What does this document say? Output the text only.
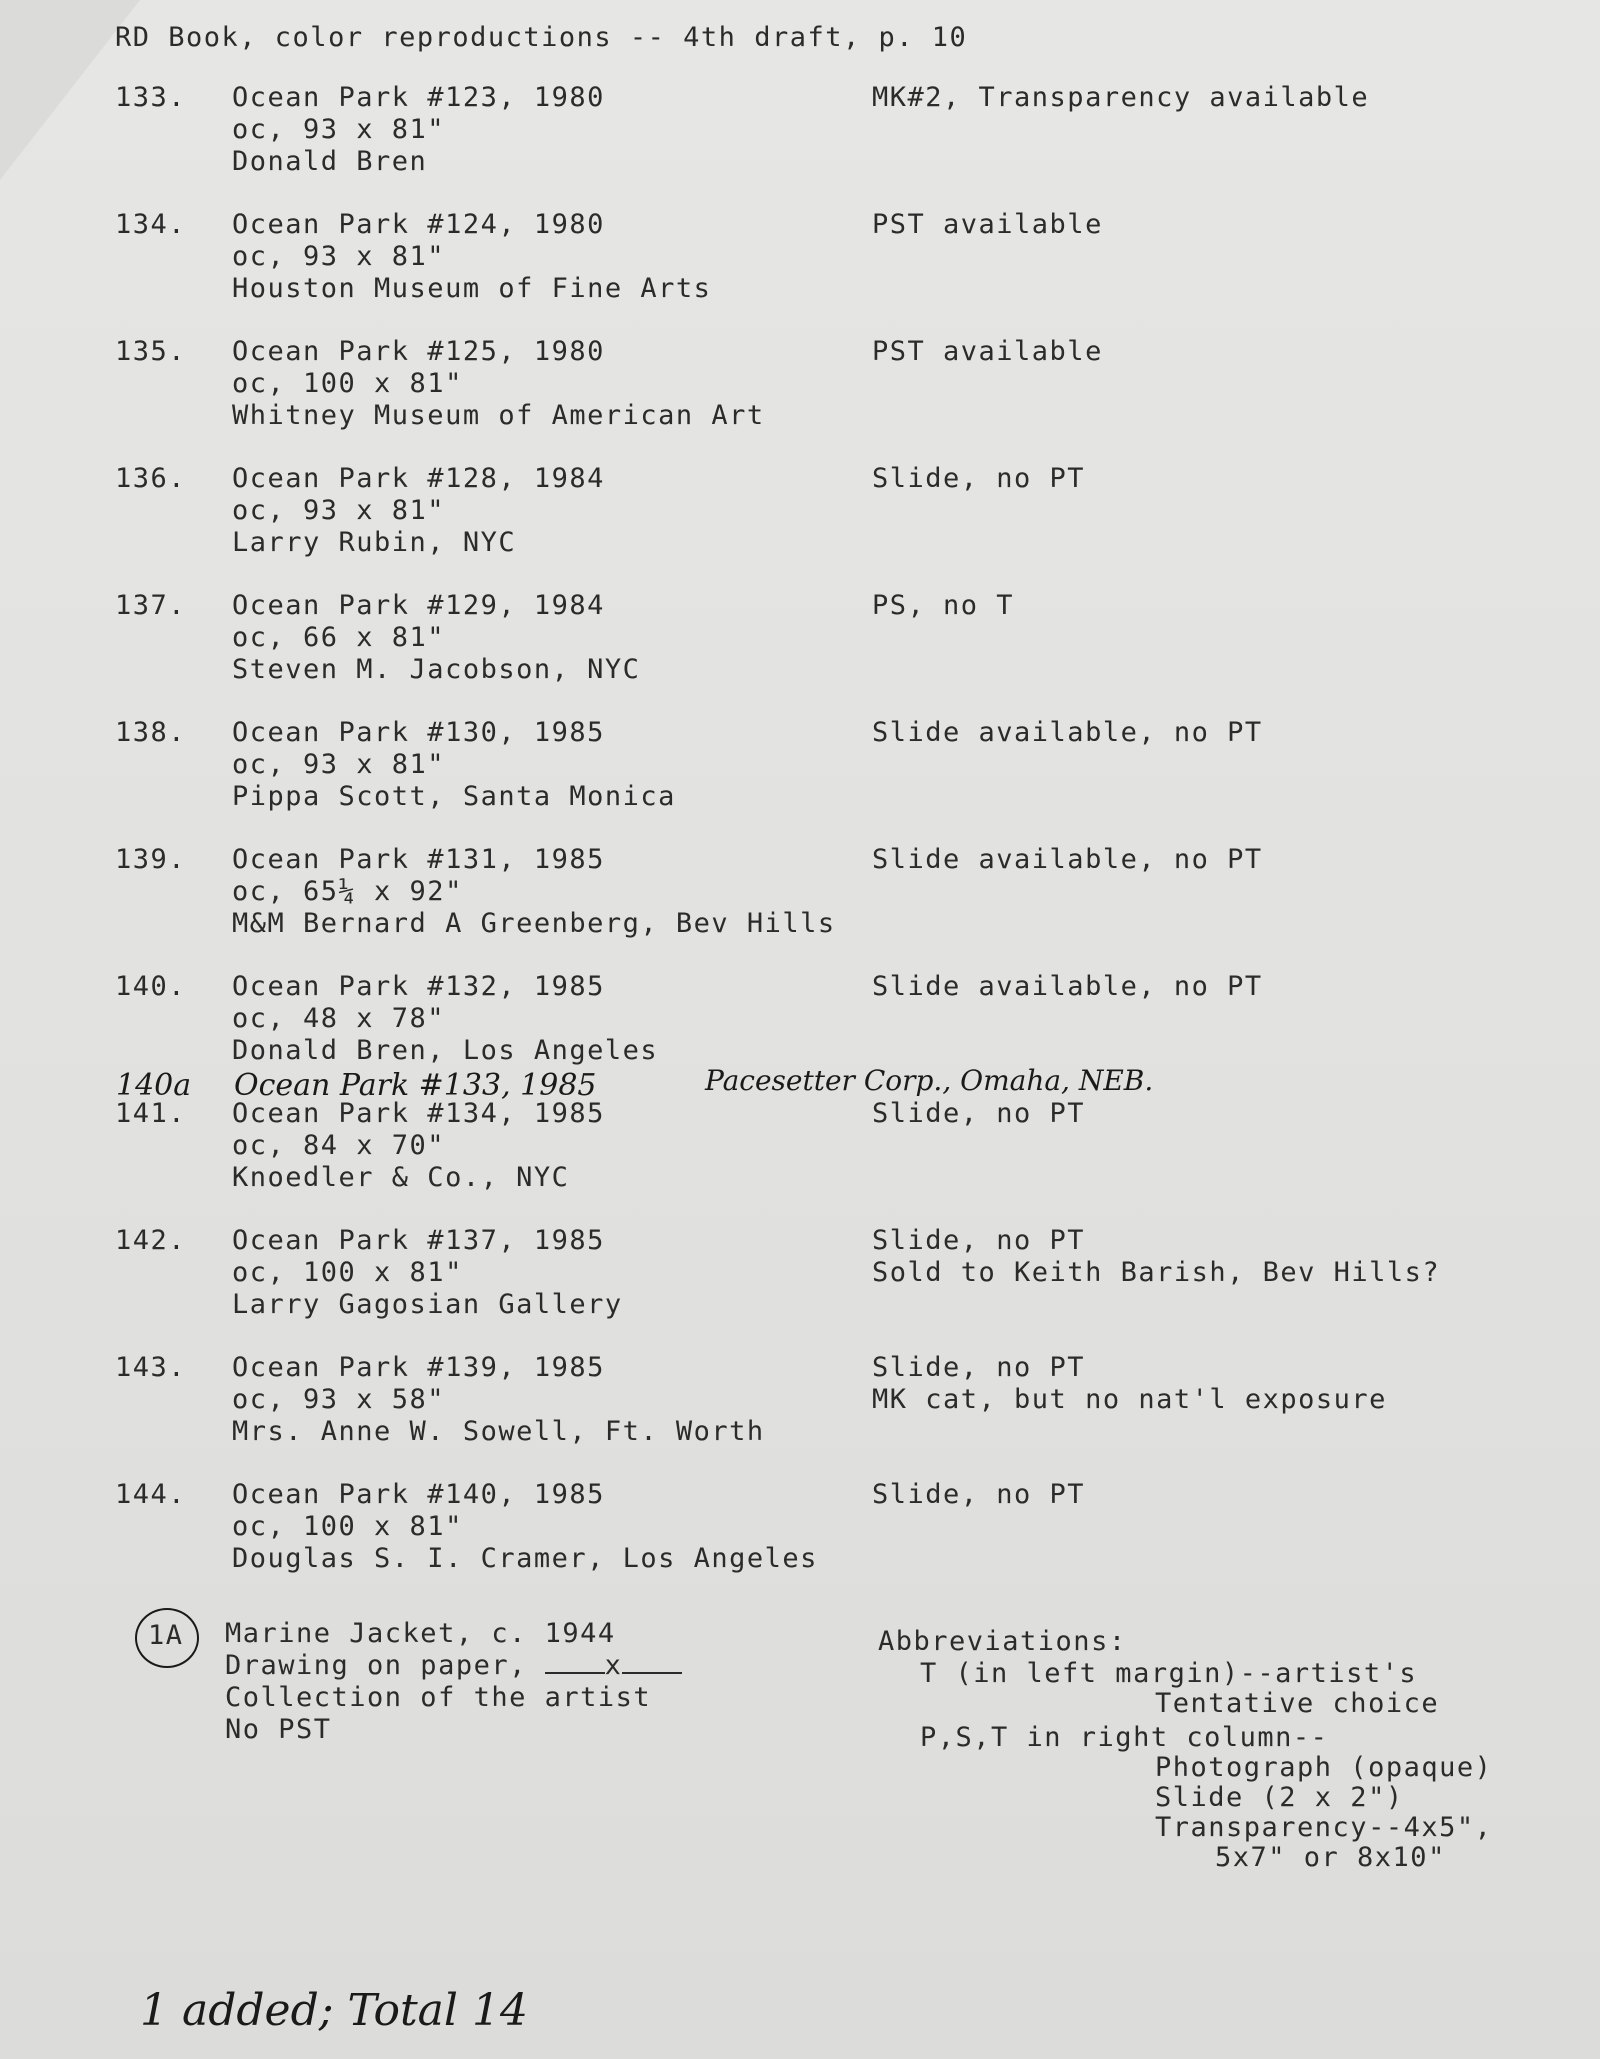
RD Book, color reproductions -- 4th draft, p. 10
133. Ocean Park #123, 1980
oc, 93 x 81"
Donald Bren
MK#2, Transparency available
134. Ocean Park #124, 1980
oc, 93 x 81"
Houston Museum of Fine Arts
PST available
135. Ocean Park #125, 1980
oc, 100 x 81"
Whitney Museum of American Art
PST available
136. Ocean Park #128, 1984
oc, 93 x 81"
Larry Rubin, NYC
Slide, no PT
137. Ocean Park #129, 1984
oc, 66 x 81"
Steven M. Jacobson, NYC
PS, no T
138. Ocean Park #130, 1985
oc, 93 x 81"
Pippa Scott, Santa Monica
Slide available, no PT
139. Ocean Park #131, 1985
oc, 65¼ x 92"
M&M Bernard A Greenberg, Bev Hills
Slide available, no PT
140. Ocean Park #132, 1985
oc, 48 x 78"
Donald Bren, Los Angeles
Slide available, no PT
141. Ocean Park #134, 1985
oc, 84 x 70"
Knoedler & Co., NYC
Slide, no PT
142. Ocean Park #137, 1985
oc, 100 x 81"
Larry Gagosian Gallery
Slide, no PT
Sold to Keith Barish, Bev Hills?
143. Ocean Park #139, 1985
oc, 93 x 58"
Mrs. Anne W. Sowell, Ft. Worth
Slide, no PT
MK cat, but no nat'l exposure
144. Ocean Park #140, 1985
oc, 100 x 81"
Douglas S. I. Cramer, Los Angeles
Slide, no PT
140a Ocean Park #133, 1985	Pacesetter Corp., Omaha, NEB.
1A Marine Jacket, c. 1944
Drawing on paper, x
Collection of the artist
No PST
Abbreviations:
T (in left margin)--artist's
Tentative choice
P,S,T in right column--
Photograph (opaque)
Slide (2 x 2")
Transparency--4x5",
5x7" or 8x10"
1 added; Total 14
